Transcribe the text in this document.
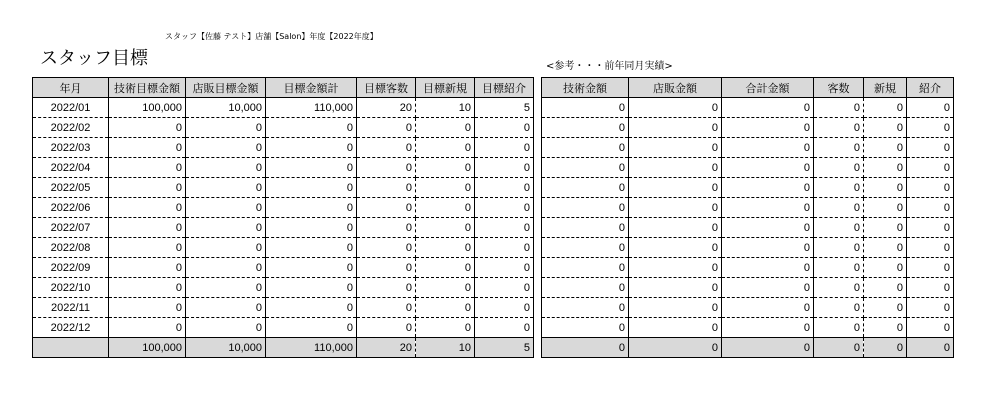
スタッフ【佐藤 テスト】店舗【Salon】年度【2022年度】
スタッフ目標	<参考・・・前年同月実績>
年月	技術目標金額	店販目標金額	目標金額計	目標客数	目標新規	目標紹介
2022/01	100,000	10,000	110,000	20	10	5
2022/02	0	0	0	0	0	0
2022/03	0	0	0	0	0	0
2022/04	0	0	0	0	0	0
2022/05	0	0	0	0	0	0
2022/06	0	0	0	0	0	0
2022/07	0	0	0	0	0	0
2022/08	0	0	0	0	0	0
2022/09	0	0	0	0	0	0
2022/10	0	0	0	0	0	0
2022/11	0	0	0	0	0	0
2022/12	0	0	0	0	0	0
	100,000	10,000	110,000	20	10	5
技術金額	店販金額	合計金額	客数	新規	紹介
0	0	0	0	0	0
0	0	0	0	0	0
0	0	0	0	0	0
0	0	0	0	0	0
0	0	0	0	0	0
0	0	0	0	0	0
0	0	0	0	0	0
0	0	0	0	0	0
0	0	0	0	0	0
0	0	0	0	0	0
0	0	0	0	0	0
0	0	0	0	0	0
0	0	0	0	0	0
